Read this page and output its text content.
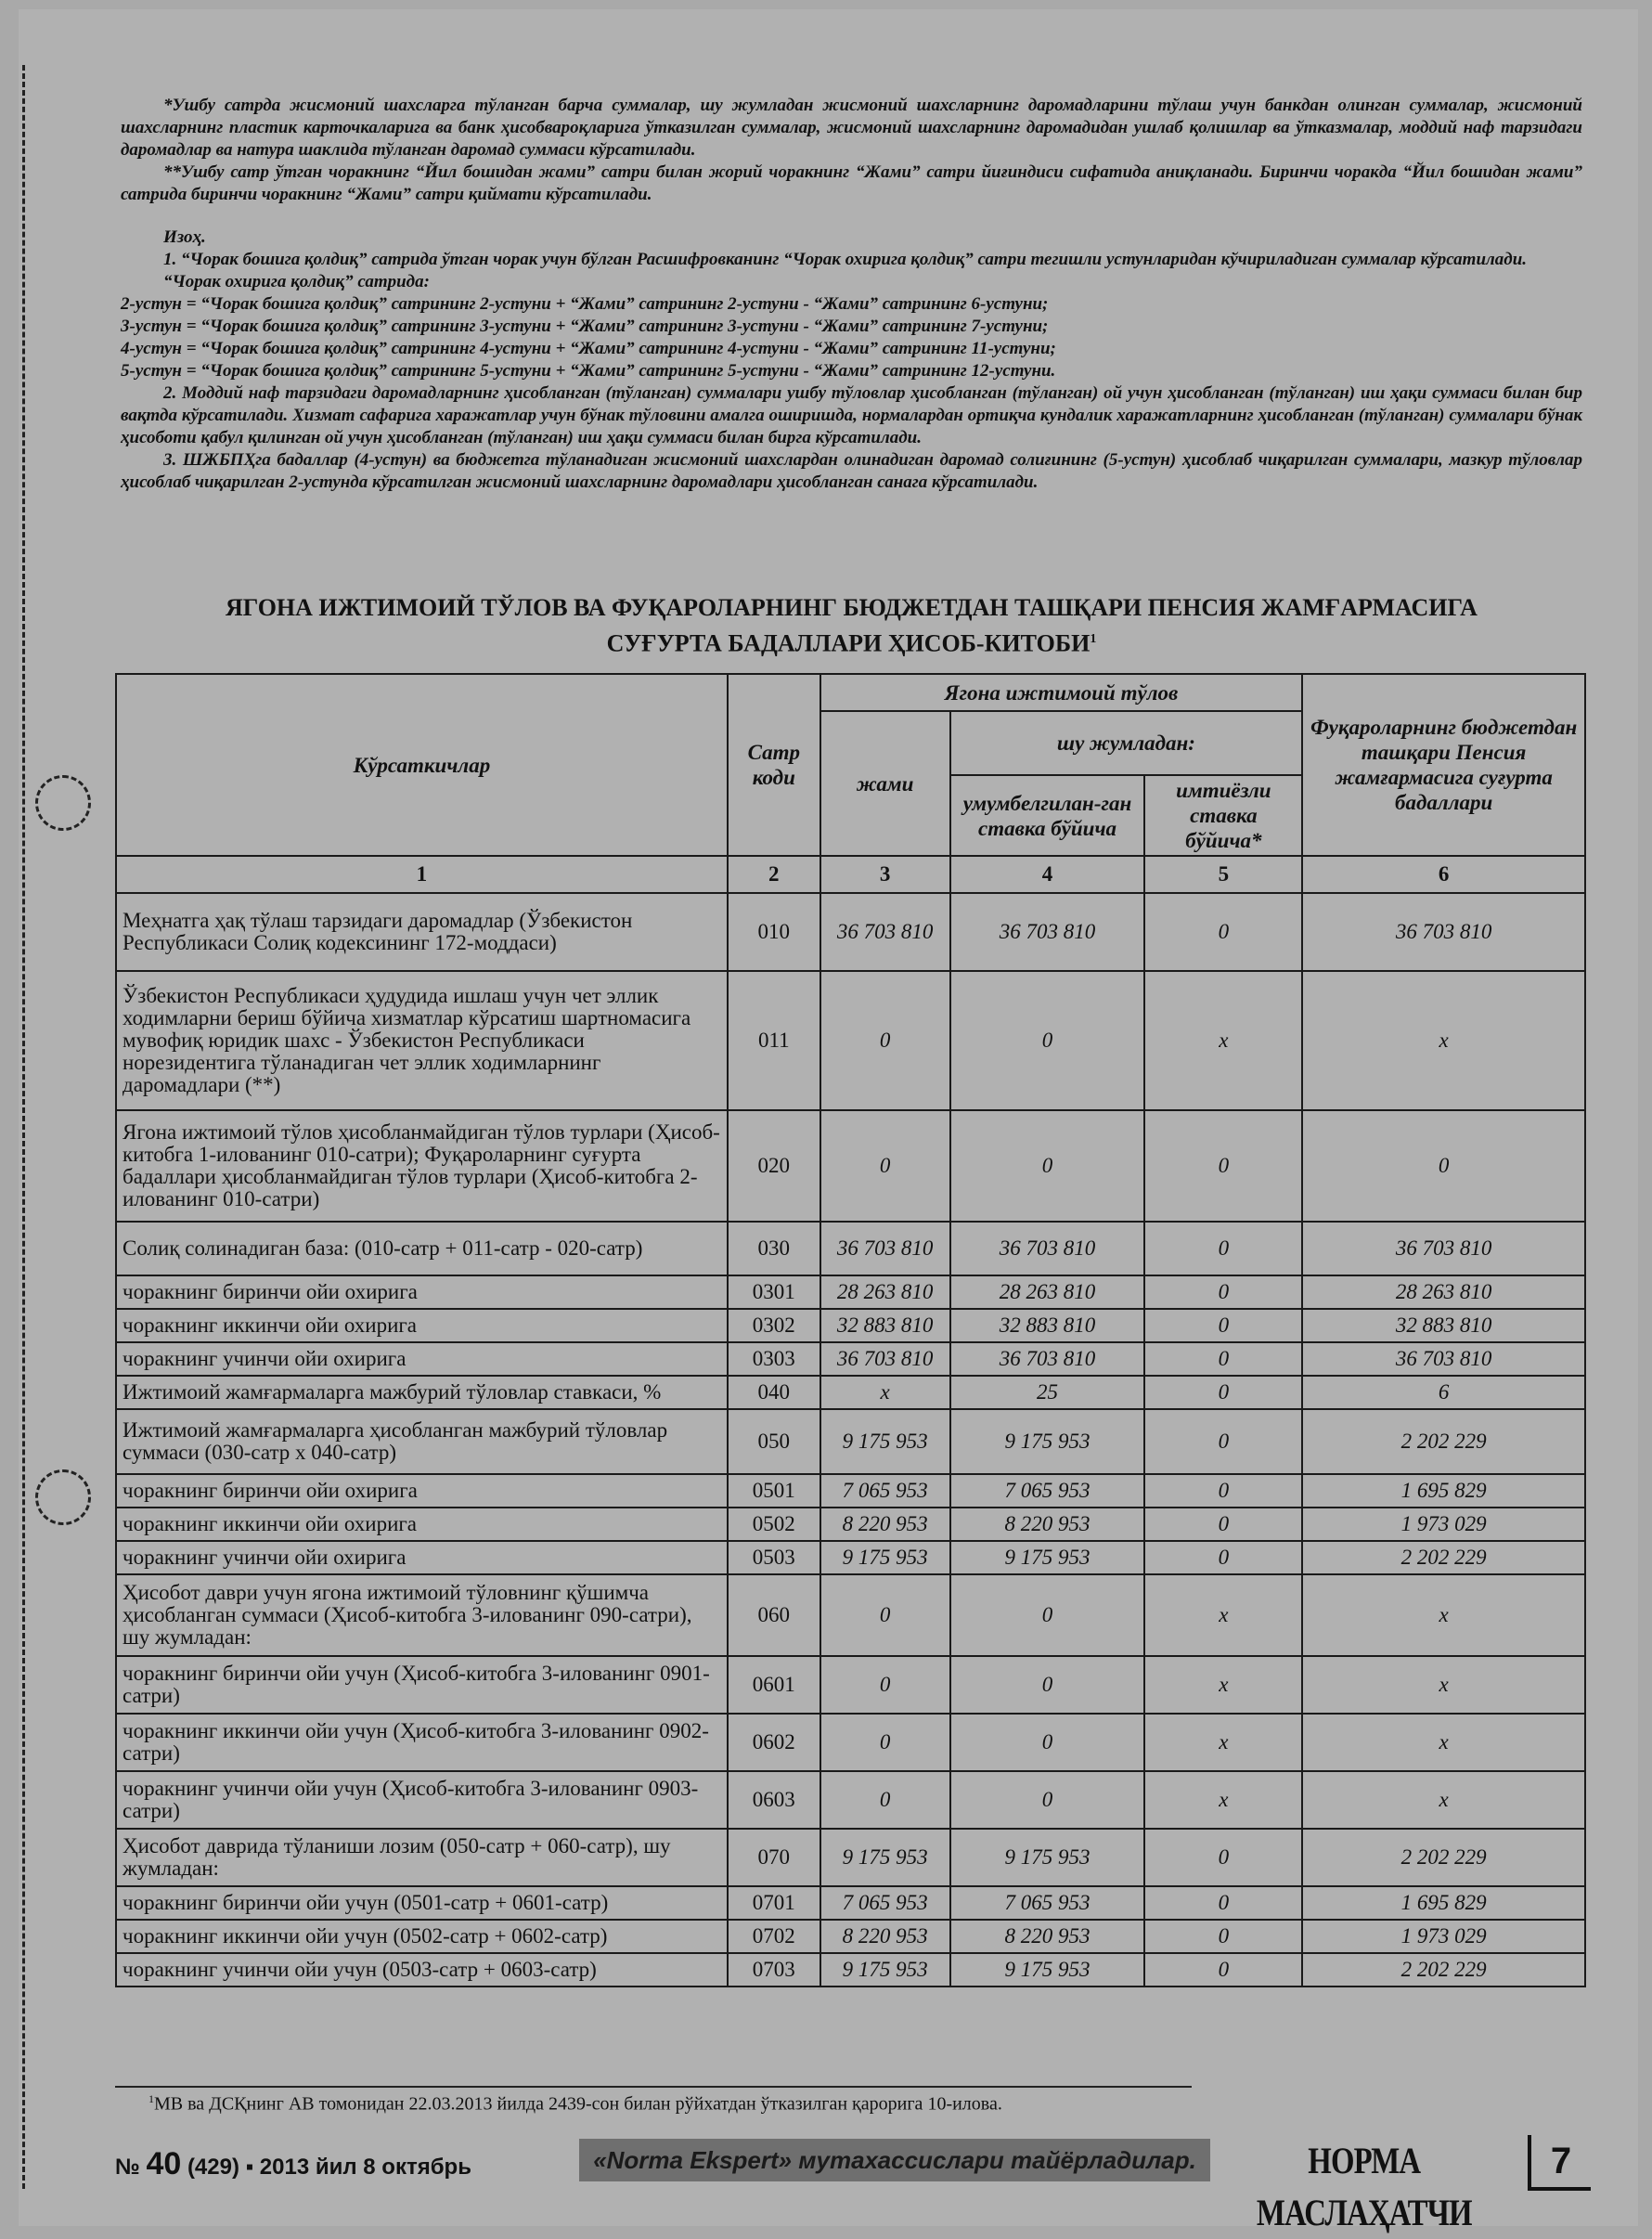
*Ушбу сатрда жисмоний шахсларга тўланган барча суммалар, шу жумладан жисмоний шахсларнинг даромадларини тўлаш учун банкдан олинган суммалар, жисмоний шахсларнинг пластик карточкаларига ва банк ҳисобвароқларига ўтказилган суммалар, жисмоний шахсларнинг даромадидан ушлаб қолишлар ва ўтказмалар, моддий наф тарзидаги даромадлар ва натура шаклида тўланган даромад суммаси кўрсатилади.

**Ушбу сатр ўтган чоракнинг “Йил бошидан жами” сатри билан жорий чоракнинг “Жами” сатри йиғиндиси сифатида аниқланади. Биринчи чоракда “Йил бошидан жами” сатрида биринчи чоракнинг “Жами” сатри қиймати кўрсатилади.

Изоҳ.

1. “Чорак бошига қолдиқ” сатрида ўтган чорак учун бўлган Расшифровканинг “Чорак охирига қолдиқ” сатри тегишли устунларидан кўчириладиган суммалар кўрсатилади.

“Чорак охирига қолдиқ” сатрида:

2-устун = “Чорак бошига қолдиқ” сатрининг 2-устуни + “Жами” сатрининг 2-устуни - “Жами” сатрининг 6-устуни;

3-устун = “Чорак бошига қолдиқ” сатрининг 3-устуни + “Жами” сатрининг 3-устуни - “Жами” сатрининг 7-устуни;

4-устун = “Чорак бошига қолдиқ” сатрининг 4-устуни + “Жами” сатрининг 4-устуни - “Жами” сатрининг 11-устуни;

5-устун = “Чорак бошига қолдиқ” сатрининг 5-устуни + “Жами” сатрининг 5-устуни - “Жами” сатрининг 12-устуни.

2. Моддий наф тарзидаги даромадларнинг ҳисобланган (тўланган) суммалари ушбу тўловлар ҳисобланган (тўланган) ой учун ҳисобланган (тўланган) иш ҳақи суммаси билан бир вақтда кўрсатилади. Хизмат сафарига харажатлар учун бўнак тўловини амалга оширишда, нормалардан ортиқча кундалик харажатларнинг ҳисобланган (тўланган) суммалари бўнак ҳисоботи қабул қилинган ой учун ҳисобланган (тўланган) иш ҳақи суммаси билан бирга кўрсатилади.

3. ШЖБПҲга бадаллар (4-устун) ва бюджетга тўланадиган жисмоний шахслардан олинадиган даромад солиғининг (5-устун) ҳисоблаб чиқарилган суммалари, мазкур тўловлар ҳисоблаб чиқарилган 2-устунда кўрсатилган жисмоний шахсларнинг даромадлари ҳисобланган санага кўрсатилади.

ЯГОНА ИЖТИМОИЙ ТЎЛОВ ВА ФУҚАРОЛАРНИНГ БЮДЖЕТДАН ТАШҚАРИ ПЕНСИЯ ЖАМҒАРМАСИГА
СУҒУРТА БАДАЛЛАРИ ҲИСОБ-КИТОБИ$^1$
Кўрсаткичлар	Сатр коди	Ягона ижтимоий тўлов			Фуқароларнинг бюджетдан ташқари Пенсия жамғармасига суғурта бадаллари
		жами	шу жумладан:		
			умумбелгилан-ган ставка бўйича	имтиёзли ставка бўйича*	
1	2	3	4	5	6
Меҳнатга ҳақ тўлаш тарзидаги даромадлар (Ўзбекистон Республикаси Солиқ кодексининг 172-моддаси)	010	36 703 810	36 703 810	0	36 703 810
Ўзбекистон Республикаси ҳудудида ишлаш учун чет эллик ходимларни бериш бўйича хизматлар кўрсатиш шартномасига мувофиқ юридик шахс - Ўзбекистон Республикаси норезидентига тўланадиган чет эллик ходимларнинг даромадлари (**)	011	0	0	x	x
Ягона ижтимоий тўлов ҳисобланмайдиган тўлов турлари (Ҳисоб-китобга 1-илованинг 010-сатри); Фуқароларнинг суғурта бадаллари ҳисобланмайдиган тўлов турлари (Ҳисоб-китобга 2-илованинг 010-сатри)	020	0	0	0	0
Солиқ солинадиган база: (010-сатр + 011-сатр - 020-сатр)	030	36 703 810	36 703 810	0	36 703 810
чоракнинг биринчи ойи охирига	0301	28 263 810	28 263 810	0	28 263 810
чоракнинг иккинчи ойи охирига	0302	32 883 810	32 883 810	0	32 883 810
чоракнинг учинчи ойи охирига	0303	36 703 810	36 703 810	0	36 703 810
Ижтимоий жамғармаларга мажбурий тўловлар ставкаси, %	040	x	25	0	6
Ижтимоий жамғармаларга ҳисобланган мажбурий тўловлар суммаси (030-сатр х 040-сатр)	050	9 175 953	9 175 953	0	2 202 229
чоракнинг биринчи ойи охирига	0501	7 065 953	7 065 953	0	1 695 829
чоракнинг иккинчи ойи охирига	0502	8 220 953	8 220 953	0	1 973 029
чоракнинг учинчи ойи охирига	0503	9 175 953	9 175 953	0	2 202 229
Ҳисобот даври учун ягона ижтимоий тўловнинг қўшимча ҳисобланган суммаси (Ҳисоб-китобга 3-илованинг 090-сатри), шу жумладан:	060	0	0	x	x
чоракнинг биринчи ойи учун (Ҳисоб-китобга 3-илованинг 0901-сатри)	0601	0	0	x	x
чоракнинг иккинчи ойи учун (Ҳисоб-китобга 3-илованинг 0902-сатри)	0602	0	0	x	x
чоракнинг учинчи ойи учун (Ҳисоб-китобга 3-илованинг 0903-сатри)	0603	0	0	x	x
Ҳисобот даврида тўланиши лозим (050-сатр + 060-сатр), шу жумладан:	070	9 175 953	9 175 953	0	2 202 229
чоракнинг биринчи ойи учун (0501-сатр + 0601-сатр)	0701	7 065 953	7 065 953	0	1 695 829
чоракнинг иккинчи ойи учун (0502-сатр + 0602-сатр)	0702	8 220 953	8 220 953	0	1 973 029
чоракнинг учинчи ойи учун (0503-сатр + 0603-сатр)	0703	9 175 953	9 175 953	0	2 202 229
$^1$МВ ва ДСҚнинг АВ томонидан 22.03.2013 йилда 2439-сон билан рўйхатдан ўтказилган қарорига 10-илова.
№ 40 (429) ▪ 2013 йил 8 октябрь	«Norma Ekspert» мутахассислари тайёрладилар.	НОРМА МАСЛАҲАТЧИ
7
